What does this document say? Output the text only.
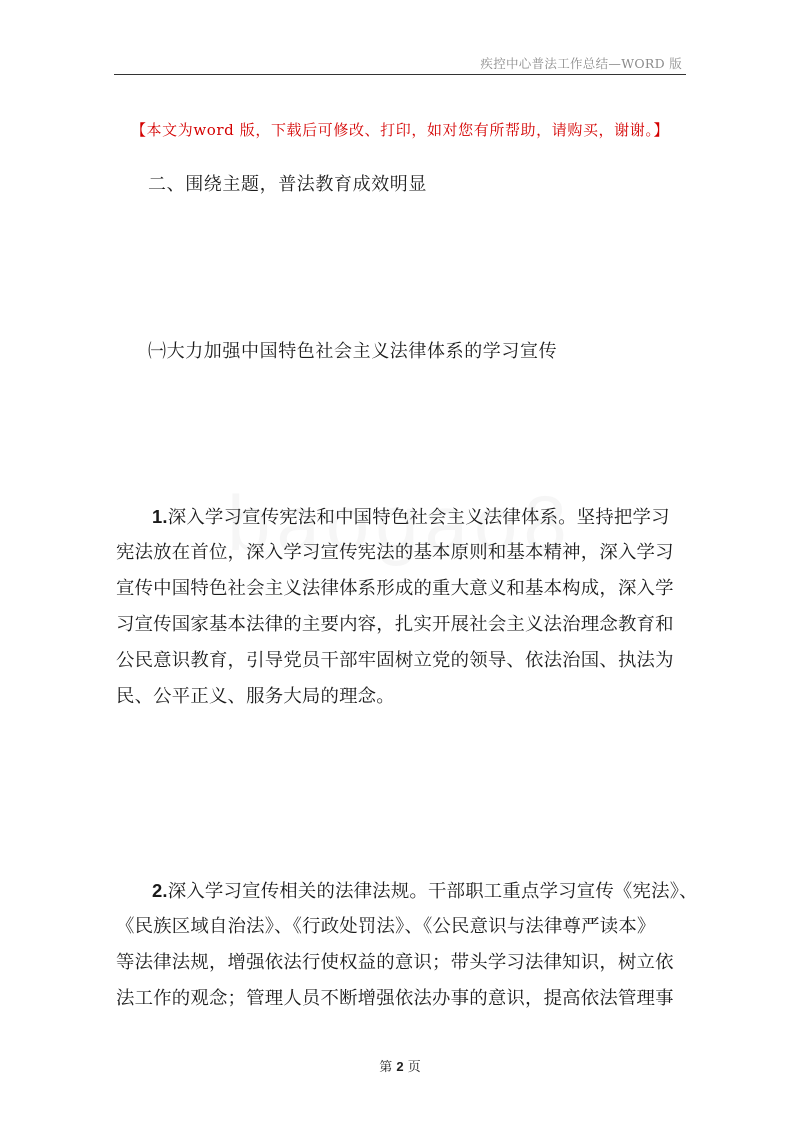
疾控中心普法工作总结—WORD 版
【本文为word 版，下载后可修改、打印，如对您有所帮助，请购买，谢谢。】
二、围绕主题，普法教育成效明显
㈠大力加强中国特色社会主义法律体系的学习宣传
1.深入学习宣传宪法和中国特色社会主义法律体系。坚持把学习
宪法放在首位，深入学习宣传宪法的基本原则和基本精神，深入学习
宣传中国特色社会主义法律体系形成的重大意义和基本构成，深入学
习宣传国家基本法律的主要内容，扎实开展社会主义法治理念教育和
公民意识教育，引导党员干部牢固树立党的领导、依法治国、执法为
民、公平正义、服务大局的理念。
2.深入学习宣传相关的法律法规。干部职工重点学习宣传《宪法》、
《民族区域自治法》、《行政处罚法》、《公民意识与法律尊严读本》
等法律法规，增强依法行使权益的意识；带头学习法律知识，树立依
法工作的观念；管理人员不断增强依法办事的意识，提高依法管理事
第 2 页
